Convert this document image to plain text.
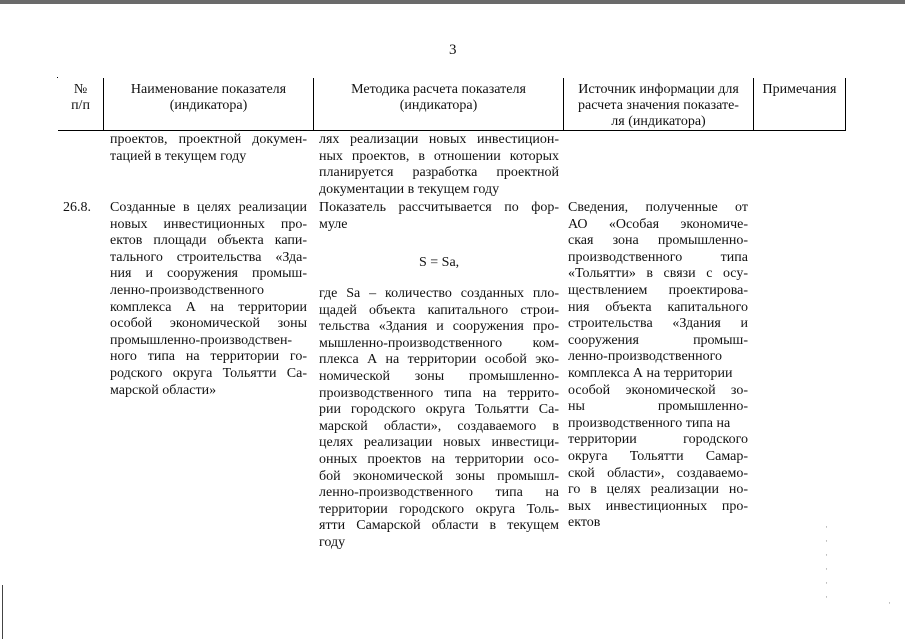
3
№
п/п
Наименование показателя
(индикатора)
Методика расчета показателя
(индикатора)
Источник информации для
расчета значения показате-
ля (индикатора)
Примечания
проектов, проектной докумен-
тацией в текущем году
лях реализации новых инвестицион-
ных проектов, в отношении которых
планируется разработка проектной
документации в текущем году
26.8. Созданные в целях реализации
новых инвестиционных про-
ектов площади объекта капи-
тального строительства «Зда-
ния и сооружения промыш-
ленно-производственного
комплекса А на территории
особой экономической зоны
промышленно-производствен-
ного типа на территории го-
родского округа Тольятти Са-
марской области»
Показатель рассчитывается по фор-
муле
S = Sa,
где Sa – количество созданных пло-
щадей объекта капитального строи-
тельства «Здания и сооружения про-
мышленно-производственного ком-
плекса А на территории особой эко-
номической зоны промышленно-
производственного типа на террито-
рии городского округа Тольятти Са-
марской области», создаваемого в
целях реализации новых инвестици-
онных проектов на территории осо-
бой экономической зоны промышл-
ленно-производственного типа на
территории городского округа Толь-
ятти Самарской области в текущем
году
Сведения, полученные от
АО «Особая экономиче-
ская зона промышленно-
производственного типа
«Тольятти» в связи с осу-
ществлением проектирова-
ния объекта капитального
строительства «Здания и
сооружения промыш-
ленно-производственного
комплекса А на территории
особой экономической зо-
ны промышленно-
производственного типа на
территории городского
округа Тольятти Самар-
ской области», создаваемо-
го в целях реализации но-
вых инвестиционных про-
ектов	·
·
·
·
·
·
·
